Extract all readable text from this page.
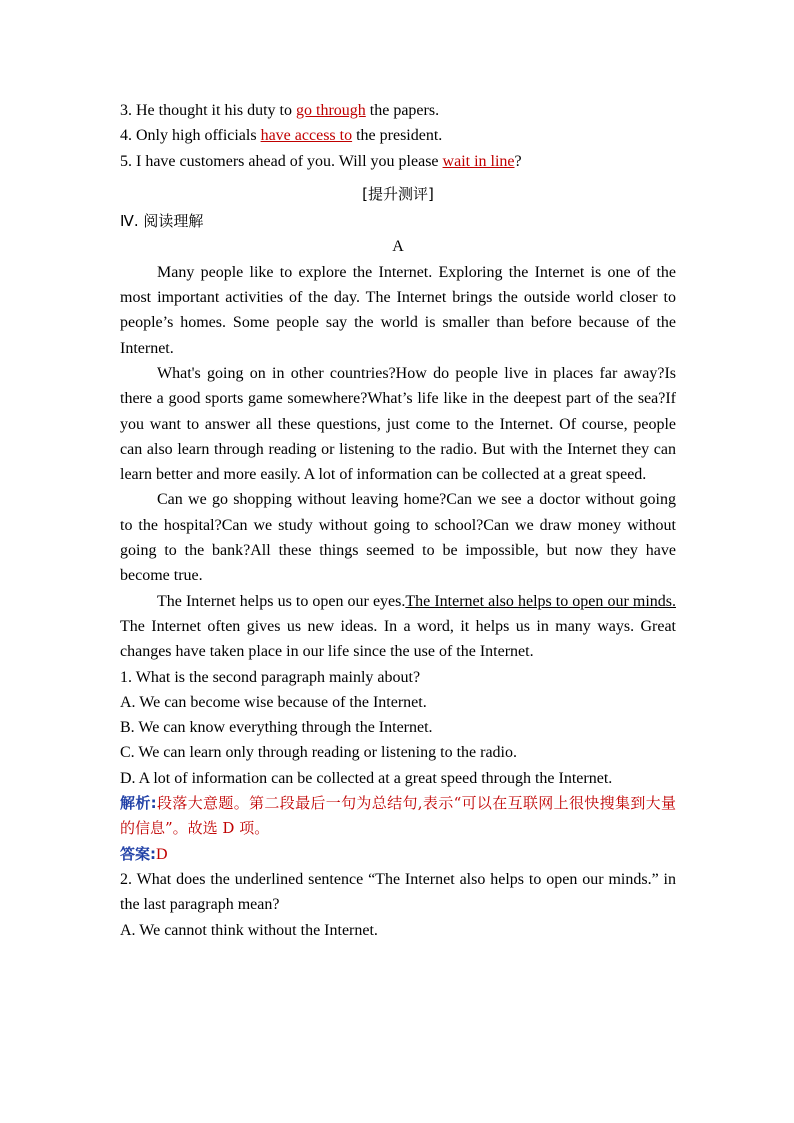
3. He thought it his duty to go through the papers.
4. Only high officials have access to the president.
5. I have customers ahead of you. Will you please wait in line?
[提升测评]
Ⅳ. 阅读理解
A

Many people like to explore the Internet. Exploring the Internet is one of the most important activities of the day. The Internet brings the outside world closer to people’s homes. Some people say the world is smaller than before because of the Internet.

What's going on in other countries?How do people live in places far away?Is there a good sports game somewhere?What’s life like in the deepest part of the sea?If you want to answer all these questions, just come to the Internet. Of course, people can also learn through reading or listening to the radio. But with the Internet they can learn better and more easily. A lot of information can be collected at a great speed.

Can we go shopping without leaving home?Can we see a doctor without going to the hospital?Can we study without going to school?Can we draw money without going to the bank?All these things seemed to be impossible, but now they have become true.

The Internet helps us to open our eyes.The Internet also helps to open our minds. The Internet often gives us new ideas. In a word, it helps us in many ways. Great changes have taken place in our life since the use of the Internet.

1. What is the second paragraph mainly about?
A. We can become wise because of the Internet.
B. We can know everything through the Internet.
C. We can learn only through reading or listening to the radio.

D. A lot of information can be collected at a great speed through the Internet.

解析:段落大意题。第二段最后一句为总结句,表示“可以在互联网上很快搜集到大量的信息”。故选 D 项。

答案:D

2. What does the underlined sentence “The Internet also helps to open our minds.” in the last paragraph mean?

A. We cannot think without the Internet.
